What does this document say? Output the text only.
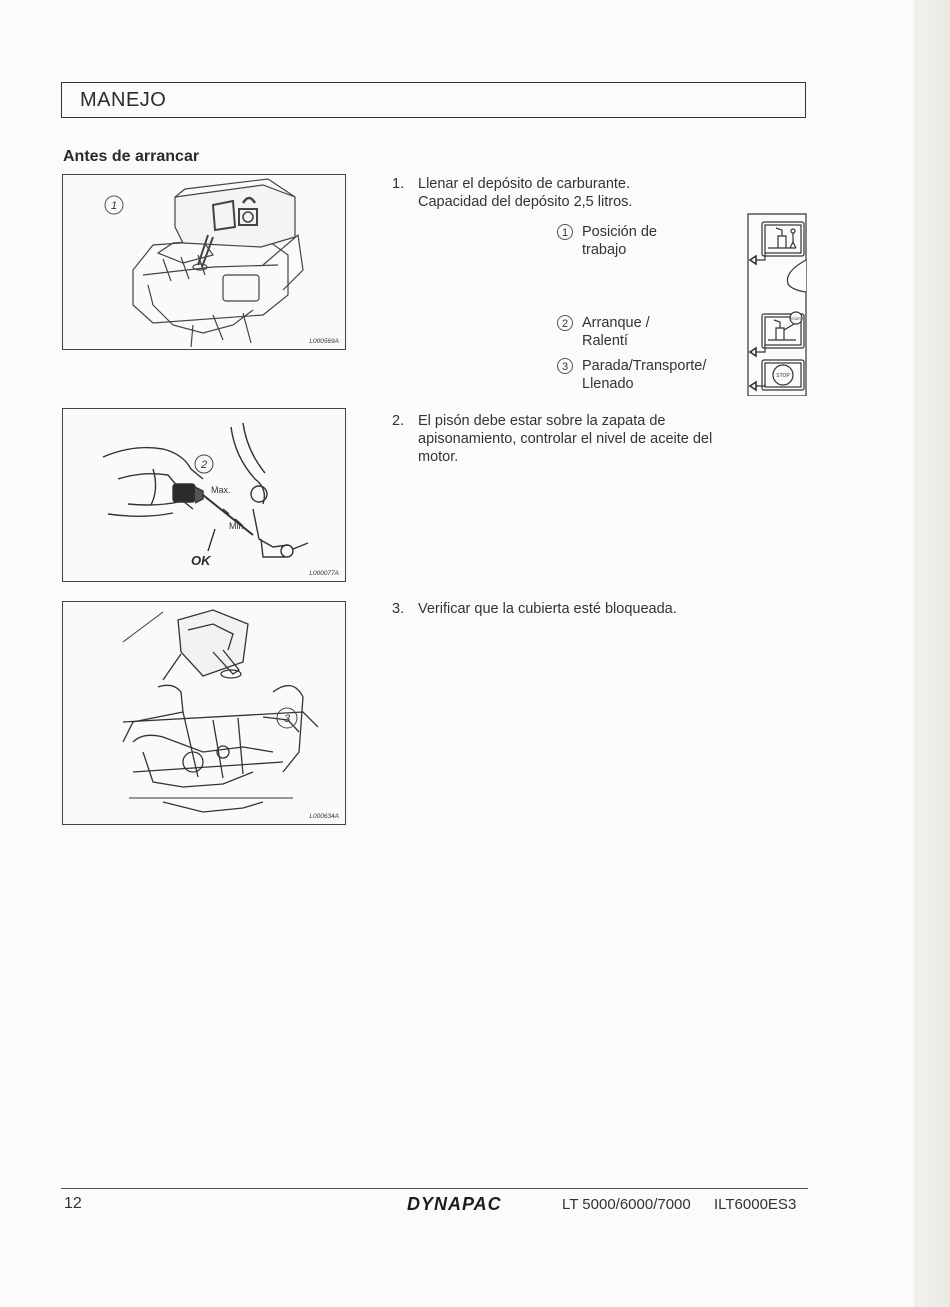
MANEJO
Antes de arrancar
1
L000569A
2
Max.
Min.
OK
L000077A
3
L000634A
1. Llenar el depósito de carburante.
Capacidad del depósito 2,5 litros.
1 Posición de
trabajo
2 Arranque /
Ralentí
3 Parada/Transporte/
Llenado
START
STOP
2. El pisón debe estar sobre la zapata de
apisonamiento, controlar el nivel de aceite del
motor.
3. Verificar que la cubierta esté bloqueada.
12	DYNAPAC	LT 5000/6000/7000 ILT6000ES3
